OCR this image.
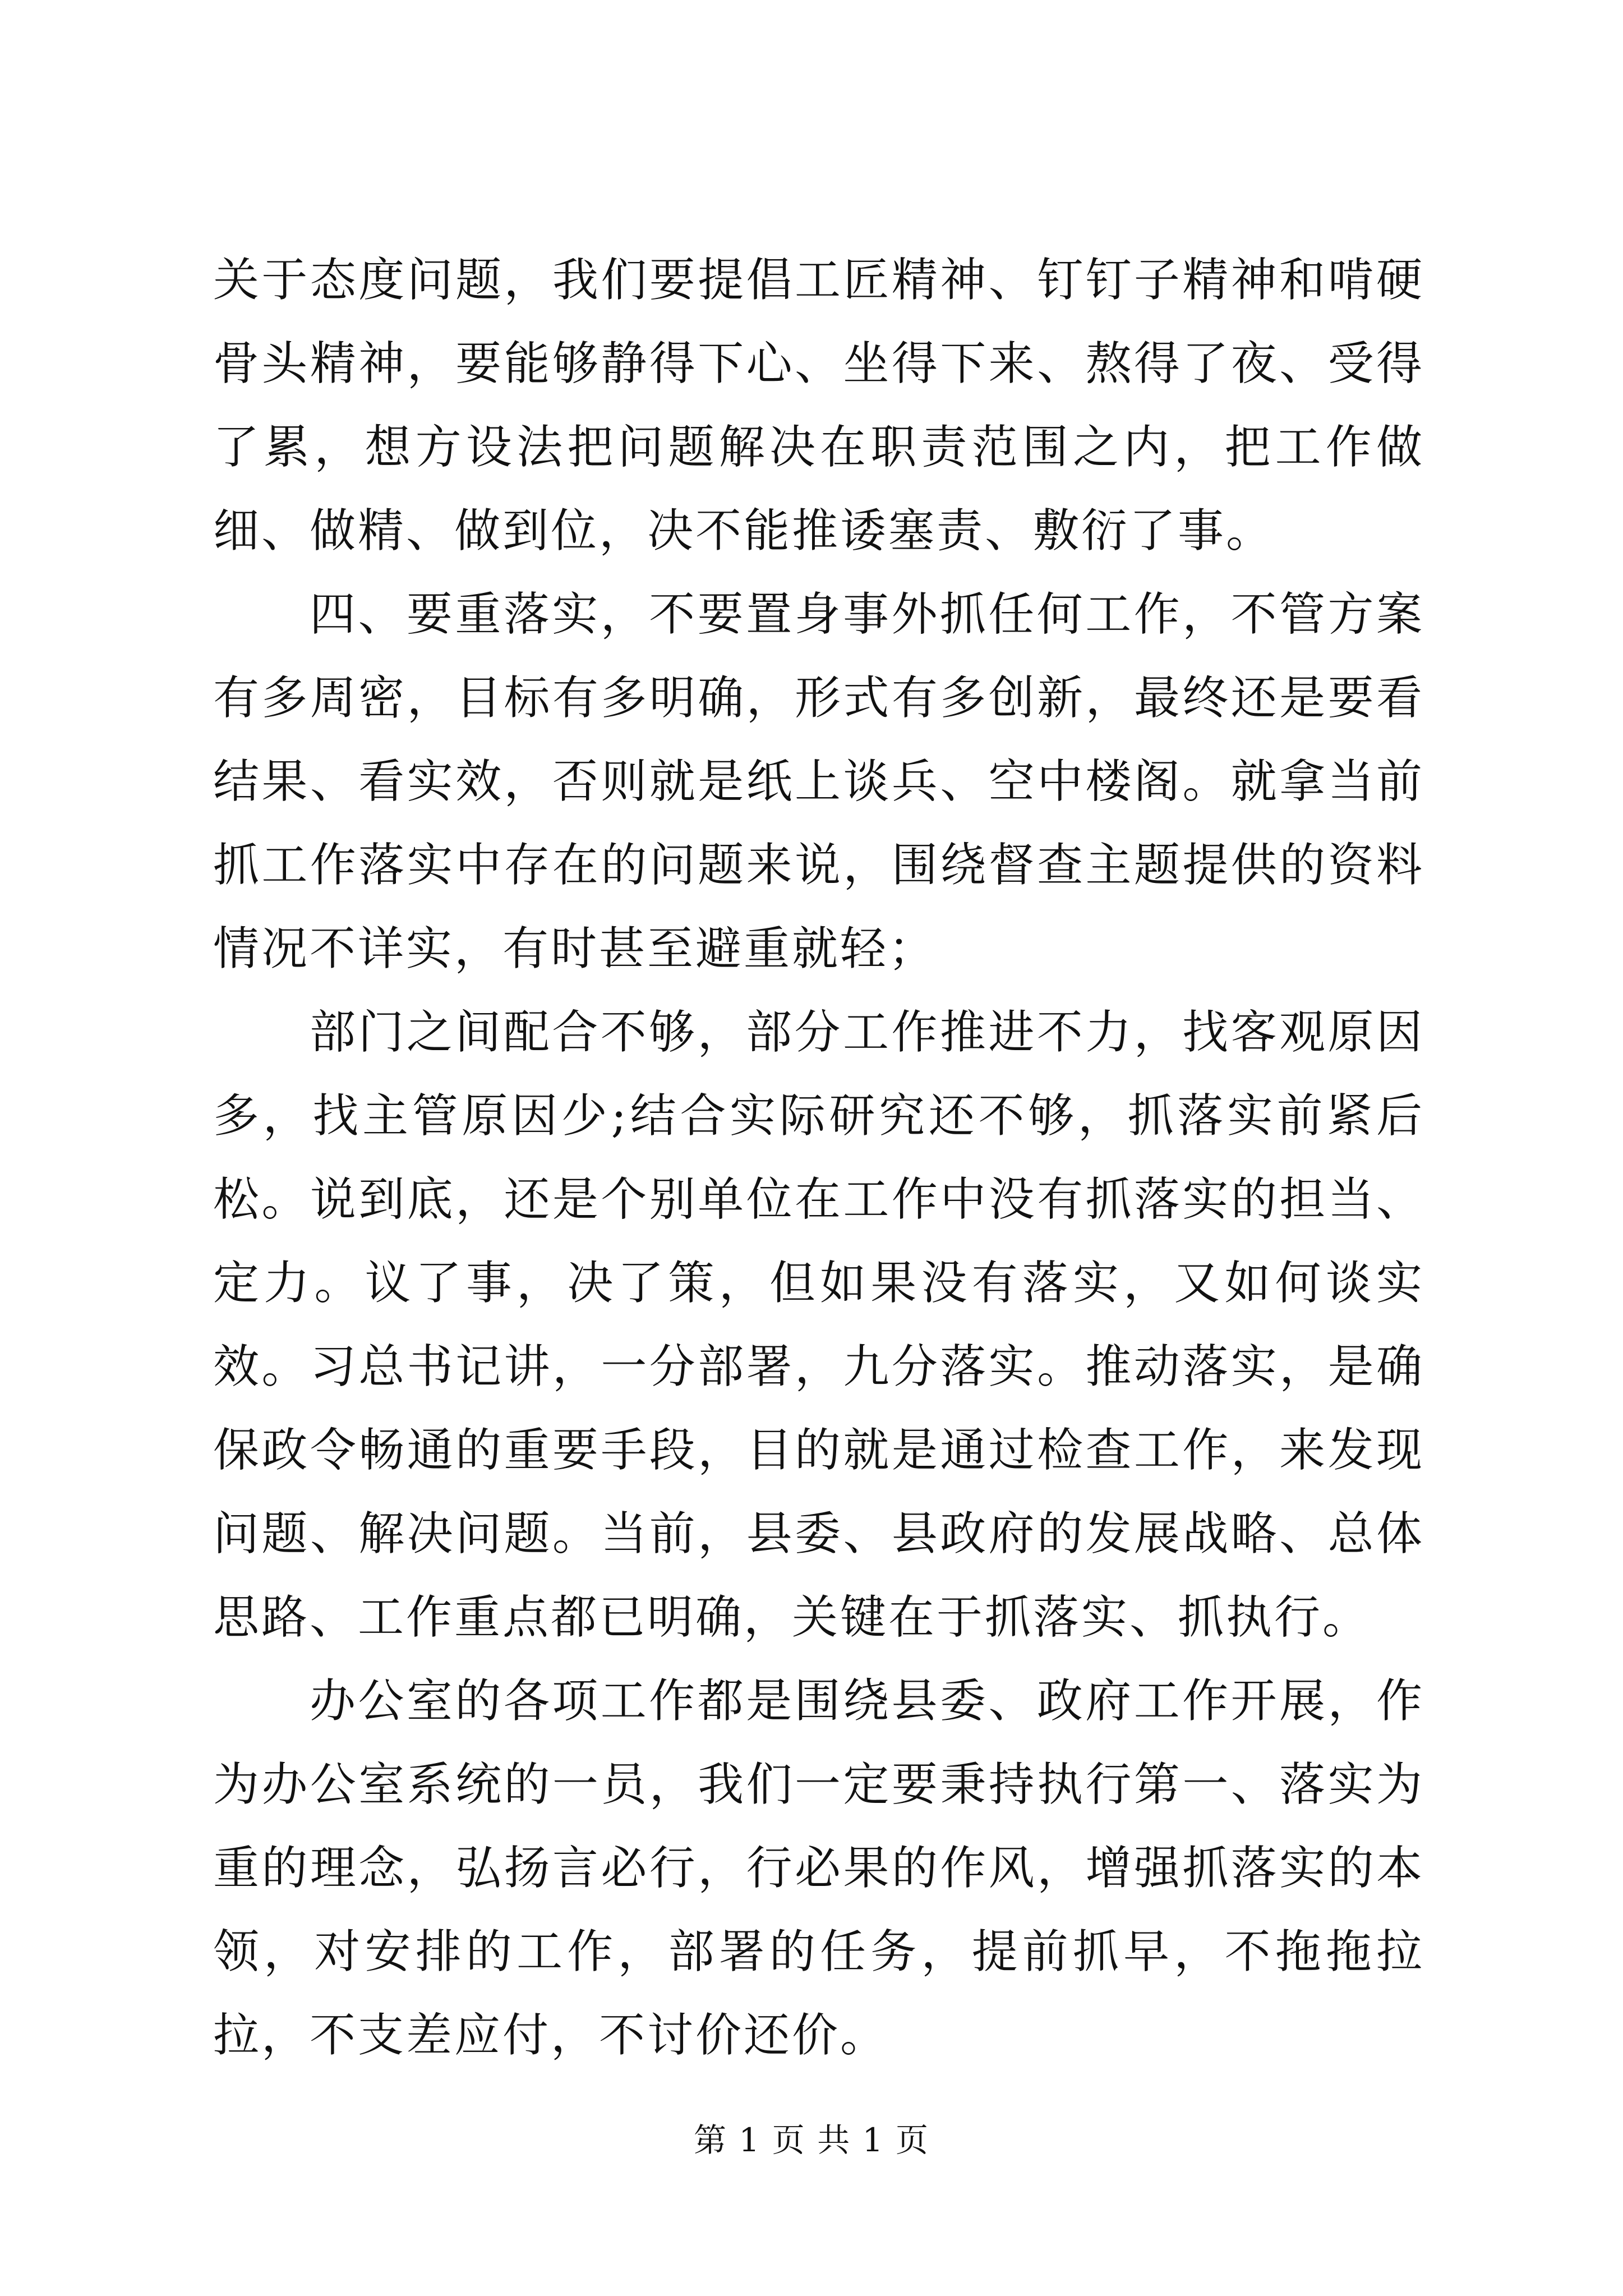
关于态度问题，我们要提倡工匠精神、钉钉子精神和啃硬骨头精神，要能够静得下心、坐得下来、熬得了夜、受得了累，想方设法把问题解决在职责范围之内，把工作做细、做精、做到位，决不能推诿塞责、敷衍了事。

四、要重落实，不要置身事外抓任何工作，不管方案有多周密，目标有多明确，形式有多创新，最终还是要看结果、看实效，否则就是纸上谈兵、空中楼阁。就拿当前抓工作落实中存在的问题来说，围绕督查主题提供的资料情况不详实，有时甚至避重就轻；

部门之间配合不够，部分工作推进不力，找客观原因多，找主管原因少;结合实际研究还不够，抓落实前紧后松。说到底，还是个别单位在工作中没有抓落实的担当、定力。议了事，决了策，但如果没有落实，又如何谈实效。习总书记讲，一分部署，九分落实。推动落实，是确保政令畅通的重要手段，目的就是通过检查工作，来发现问题、解决问题。当前，县委、县政府的发展战略、总体思路、工作重点都已明确，关键在于抓落实、抓执行。

办公室的各项工作都是围绕县委、政府工作开展，作为办公室系统的一员，我们一定要秉持执行第一、落实为重的理念，弘扬言必行，行必果的作风，增强抓落实的本领，对安排的工作，部署的任务，提前抓早，不拖拖拉拉，不支差应付，不讨价还价。

第 1 页 共 1 页
